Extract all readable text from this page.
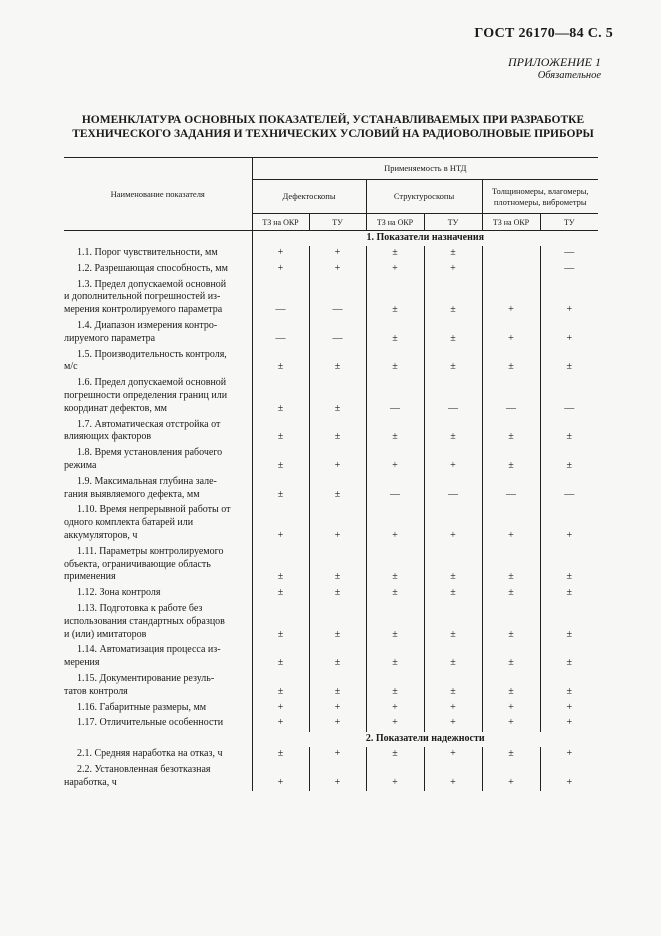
ГОСТ 26170—84 С. 5
ПРИЛОЖЕНИЕ 1
Обязательное
НОМЕНКЛАТУРА ОСНОВНЫХ ПОКАЗАТЕЛЕЙ, УСТАНАВЛИВАЕМЫХ ПРИ РАЗРАБОТКЕ
ТЕХНИЧЕСКОГО ЗАДАНИЯ И ТЕХНИЧЕСКИХ УСЛОВИЙ НА РАДИОВОЛНОВЫЕ ПРИБОРЫ
Наименование показателя	Применяемость в НТД					
	Дефектоскопы		Структуроскопы		Толщиномеры, влагомеры, плотномеры, виброметры	
	ТЗ на ОКР	ТУ	ТЗ на ОКР	ТУ	ТЗ на ОКР	ТУ
	1. Показатели назначения					

1.1. Порог чувствительности, мм	+	+	±	±		—

1.2. Разрешающая способность, мм	+	+	+	+		—

1.3. Предел допускаемой основной
и дополнительной погрешностей из-
мерения контролируемого параметра	—	—	±	±	+	+

1.4. Диапазон измерения контро-
лируемого параметра	—	—	±	±	+	+

1.5. Производительность контроля,
м/с	±	±	±	±	±	±

1.6. Предел допускаемой основной
погрешности определения границ или
координат дефектов, мм	±	±	—	—	—	—

1.7. Автоматическая отстройка от
влияющих факторов	±	±	±	±	±	±

1.8. Время установления рабочего
режима	±	+	+	+	±	±

1.9. Максимальная глубина зале-
гания выявляемого дефекта, мм	±	±	—	—	—	—

1.10. Время непрерывной работы от
одного комплекта батарей или
аккумуляторов, ч	+	+	+	+	+	+

1.11. Параметры контролируемого
объекта, ограничивающие область
применения	±	±	±	±	±	±

1.12. Зона контроля	±	±	±	±	±	±

1.13. Подготовка к работе без
использования стандартных образцов
и (или) имитаторов	±	±	±	±	±	±

1.14. Автоматизация процесса из-
мерения	±	±	±	±	±	±

1.15. Документирование резуль-
татов контроля	±	±	±	±	±	±

1.16. Габаритные размеры, мм	+	+	+	+	+	+

1.17. Отличительные особенности	+	+	+	+	+	+
	2. Показатели надежности					

2.1. Средняя наработка на отказ, ч	±	+	±	+	±	+

2.2. Установленная безотказная
наработка, ч	+	+	+	+	+	+
